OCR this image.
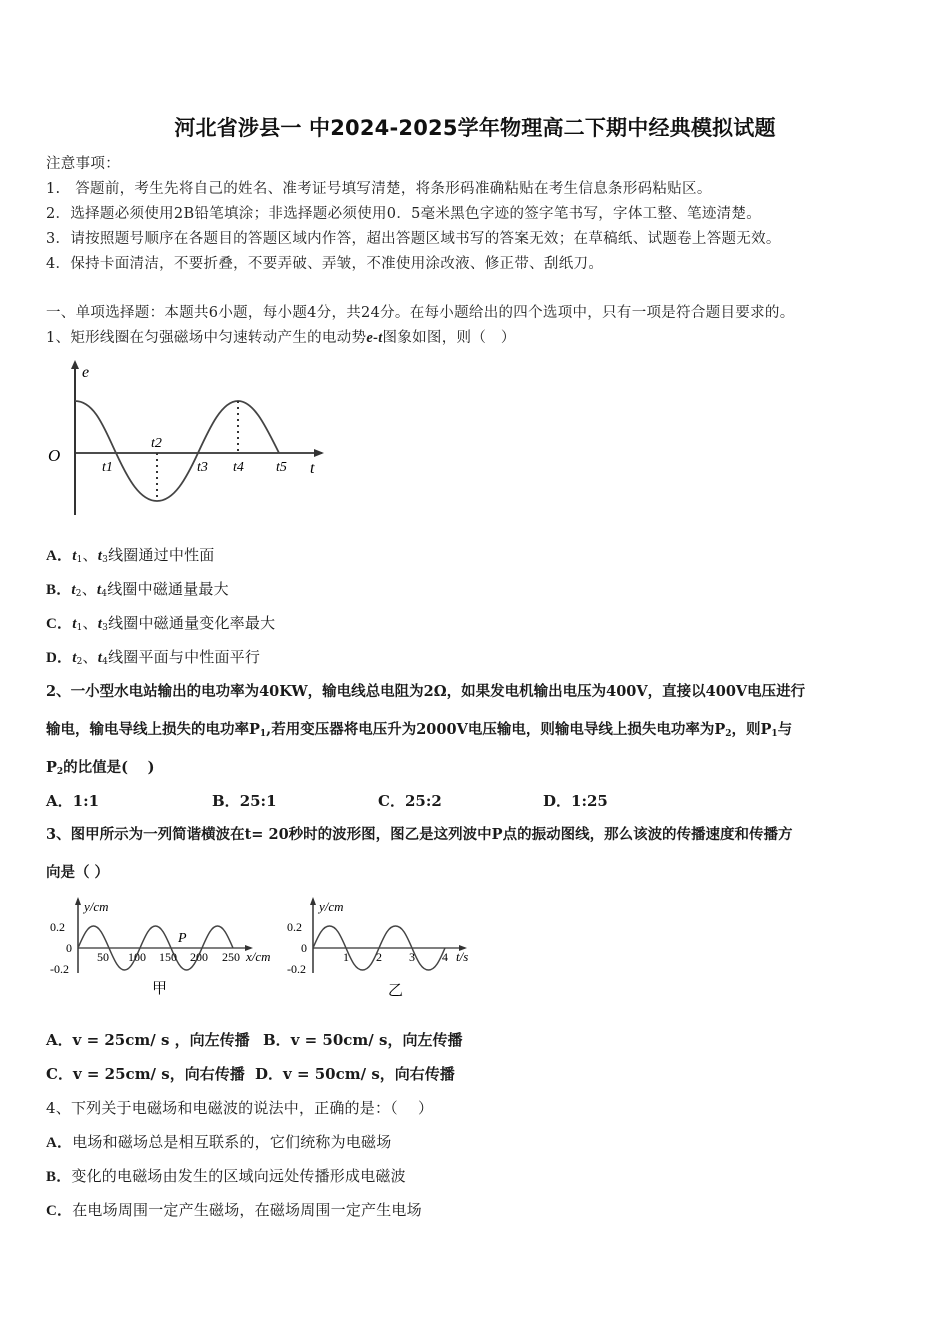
河北省涉县一 中2024-2025学年物理高二下期中经典模拟试题
注意事项：
1.　答题前，考生先将自己的姓名、准考证号填写清楚，将条形码准确粘贴在考生信息条形码粘贴区。
2．选择题必须使用2B铅笔填涂；非选择题必须使用0．5毫米黑色字迹的签字笔书写，字体工整、笔迹清楚。
3．请按照题号顺序在各题目的答题区域内作答，超出答题区域书写的答案无效；在草稿纸、试题卷上答题无效。
4．保持卡面清洁，不要折叠，不要弄破、弄皱，不准使用涂改液、修正带、刮纸刀。
一、单项选择题：本题共6小题，每小题4分，共24分。在每小题给出的四个选项中，只有一项是符合题目要求的。
1、矩形线圈在匀强磁场中匀速转动产生的电动势e-t图象如图，则（　）
e
O
t
t1
t2
t3 t4 t5
A．$t_1$、$t_3$线圈通过中性面
B．$t_2$、$t_4$线圈中磁通量最大
C．$t_1$、$t_3$线圈中磁通量变化率最大
D．$t_2$、$t_4$线圈平面与中性面平行
2、一小型水电站输出的电功率为40KW，输电线总电阻为2Ω，如果发电机输出电压为400V，直接以400V电压进行
输电，输电导线上损失的电功率$P_1$,若用变压器将电压升为2000V电压输电，则输电导线上损失电功率为$P_2$，则$P_1$与
$P_2$的比值是(　 )
A．1:1	B．25:1	C．25:2	D．1:25
3、图甲所示为一列简谐横波在t= 20秒时的波形图，图乙是这列波中P点的振动图线，那么该波的传播速度和传播方
向是（ ）
y/cm
0.2
0
-0.2
50 100 150 200 250 x/cm
P
甲
y/cm
0.2
0
-0.2
1 2 3 4 t/s
乙
A．v = 25cm/ s ，向左传播 B．v = 50cm/ s，向左传播
C．v = 25cm/ s，向右传播 D．v = 50cm/ s，向右传播
4、下列关于电磁场和电磁波的说法中，正确的是：（　 ）
A．电场和磁场总是相互联系的，它们统称为电磁场
B．变化的电磁场由发生的区域向远处传播形成电磁波
C．在电场周围一定产生磁场，在磁场周围一定产生电场
